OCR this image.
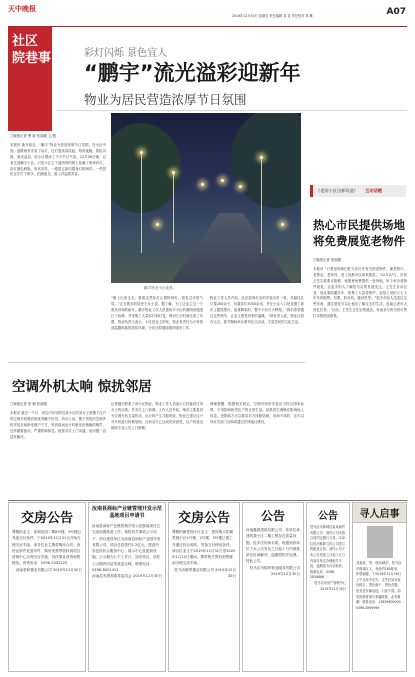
天中晚报
2019年12月30日 星期五 责任编辑 刘 炎 责任校对 郑 琳	A07
社区
院巷事	彩灯闪烁 景色宜人
“鹏宇”流光溢彩迎新年
物业为居民营造浓厚节日氛围
□晚报记者 曹 颖 张丽媛 文/图
本报讯 新年临近，“鹏宇”物业为营造浓厚节日氛围，在小区中庭、道路两旁安装了彩灯，红灯笼高高挂起，每到夜晚，霓虹闪烁，流光溢彩，给小区增添了不少节日气氛。12月26日晚，记者走进鹏宇小区，只见小区主干道两旁的树上挂满了串串彩灯，彩灯颜色鲜艳、形状各异，一眼望去如同置身灯的海洋，一些居民正在灯下散步、拍照留念，脸上洋溢着笑容。
鹏宇物业小区夜景。
“晚上出来走走，看着这些彩灯心情特别好，很有过年的气氛。”正在散步的居民王女士说。据了解，为了让业主过一个欢乐祥和的新年，鹏宇物业工作人员提前对小区的照明设施进行了检修，并采购了大量彩灯和灯笼，利用几天时间完成了布置。物业负责人表示，小区是业主的家，物业有责任为大家营造温馨和谐的居住环境，今后还将继续做好服务工作。
物业工作人员介绍，此次装饰灯光的安装历时一周，共悬挂红灯笼200余个，布置彩灯3000余米，并在小区入口处设置了新年主题造型灯，夜幕降临时，整个小区灯火辉煌。“我们希望通过这些细节，让业主感受到家的温暖。”该负责人说，物业还将在元旦、春节期间举办系列社区活动，丰富居民的文化生活。
《老旧小区这样改造》 互动话题
热心市民提供场地 将免费展览老物件
□晚报记者 张丽媛
本报讯 “只要是和咱们驻马店历史有关的老物件，像老照片、老票证、老家具、老工具都可以拿来展览。”12月27日，市民王先生联系本报称，他愿意免费提供一处场地，用于举办老物件展览，让更多的人了解驻马店的发展变迁。王先生告诉记者，他从事收藏多年，收集了大量老物件，包括上世纪六七十年代的粮票、布票、收音机、缝纫机等。“很多年轻人没见过这些东西，通过展览可以让他们了解过去的生活，也能让老年人回忆往昔。”目前，王先生正在征集展品，有意参与的市民可拨打本报热线联系。
空调外机太响 惊扰邻居
□晚报记者 张 颖 张丽媛
本报讯 最近一个月，家住汽车站附近某小区的刘女士被楼下住户的空调外机噪音困扰得睡不好觉。刘女士说，楼下邻居的空调外机安装在她卧室窗户下方，每到夜间运行时就发出嗡嗡的响声，还伴随着振动，严重影响休息。她曾多次上门沟通，但问题一直没有解决。
记者随后联系了该小区物业，物业工作人员表示已经接到过刘女士的反映，并多次上门协调。工作人员介绍，噪音主要是因为空调外机支架松动，运行时产生共振所致，物业已建议住户对外机进行检修加固。目前双方已达成初步意见，住户同意近期请专业人员上门维修。
律师提醒，根据相关规定，空调外机的安装应当符合国家标准，不得影响相邻住户的正常生活。如果因空调噪音影响他人休息，受影响方可以要求对方排除妨碍，协商不成的，还可以向有关部门反映或通过法律途径维权。
交房公告
尊敬的业主：泰和花园二期8号楼、9号楼已具备交付条件，于2019年12月31日开始办理交房手续。请各位业主携带购房合同、身份证原件及复印件、购房发票等资料到项目营销中心办理交房手续，具体事宜请咨询售楼处。咨询电话：0396-3332222
河南泰和置业有限公司 2019年12月30日
汝南县商标产业链管理开发示范基地项目申请书
汝南县商标产业链管理开发示范基地项目已完成前期准备工作，现将有关事项公示如下：项目建设单位为汝南县商标产业园开发有限公司，项目总投资约1.2亿元，建设内容包括综合服务中心、展示中心及配套设施。公示期为七个工作日，如有异议，请在公示期内向县发改委反映。联系电话：0396-8022412
汝南县发展和改革委员会 2019年12月30日
交房公告
尊敬的御景园小区业主：您所购买的御景园小区1号楼、2号楼、3号楼已竣工并通过综合验收，具备交付使用条件。请各位业主于2019年12月31日至2020年1月10日期间，携带相关资料到售楼部办理交房手续。
驻马店御景置业有限公司 2019年12月30日
公告
河南鑫源建筑有限公司：你单位承建的我小区二期工程存在质量问题，经多次协商未果，现通知你单位于本公告发布之日起十日内到我单位协商解决，逾期将依法处理。特此公告。
驻马店市锦华物业服务有限公司 2019年12月30日
公告
驻马店市驿城区某某商贸有限公司：因你公司未按合同约定履行义务，本单位依法解除与你公司签订的租赁合同，请你公司于本公告见报之日起十五日内到本单位办理相关手续，逾期视为自动放弃。联系电话：0396-2816666
驻马店市房产管理中心 2019年12月30日
寻人启事
刘某某，男，现年68岁，驻马店市驿城区人，身高约165厘米，体型偏瘦，于2019年12月26日上午从家中走失，走失时身穿灰色棉衣、黑色裤子、黑色布鞋，患有老年痴呆症，口齿不清。如有知情者请与家属联系，必有重谢！联系电话：13839600000 0396-2899999
